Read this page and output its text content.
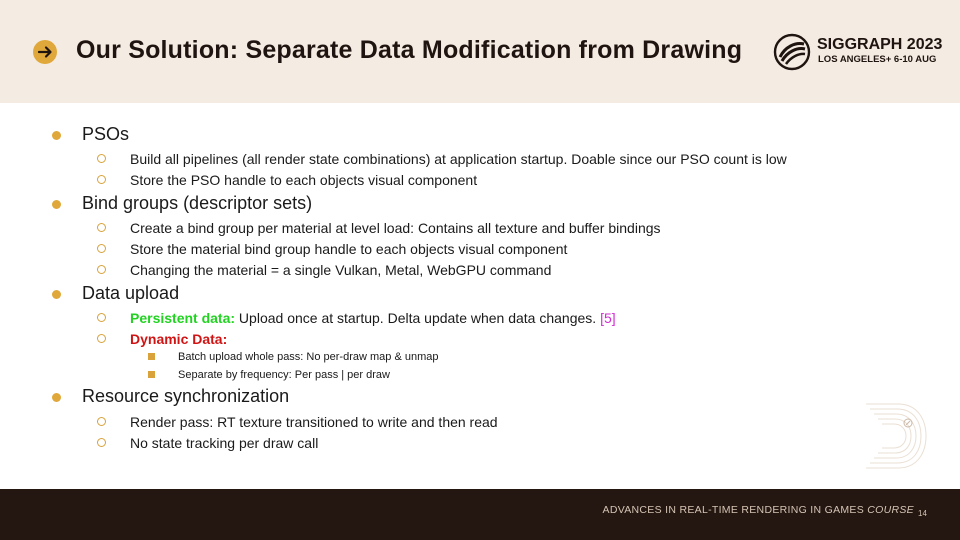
Our Solution: Separate Data Modification from Drawing	SIGGRAPH 2023
LOS ANGELES+ 6-10 AUG
PSOs
Build all pipelines (all render state combinations) at application startup. Doable since our PSO count is low
Store the PSO handle to each objects visual component
Bind groups (descriptor sets)
Create a bind group per material at level load: Contains all texture and buffer bindings
Store the material bind group handle to each objects visual component
Changing the material = a single Vulkan, Metal, WebGPU command
Data upload
Persistent data: Upload once at startup. Delta update when data changes. [5]
Dynamic Data:
Batch upload whole pass: No per-draw map & unmap
Separate by frequency: Per pass | per draw
Resource synchronization
Render pass: RT texture transitioned to write and then read
No state tracking per draw call
ADVANCES IN REAL-TIME RENDERING IN GAMES COURSE 14
